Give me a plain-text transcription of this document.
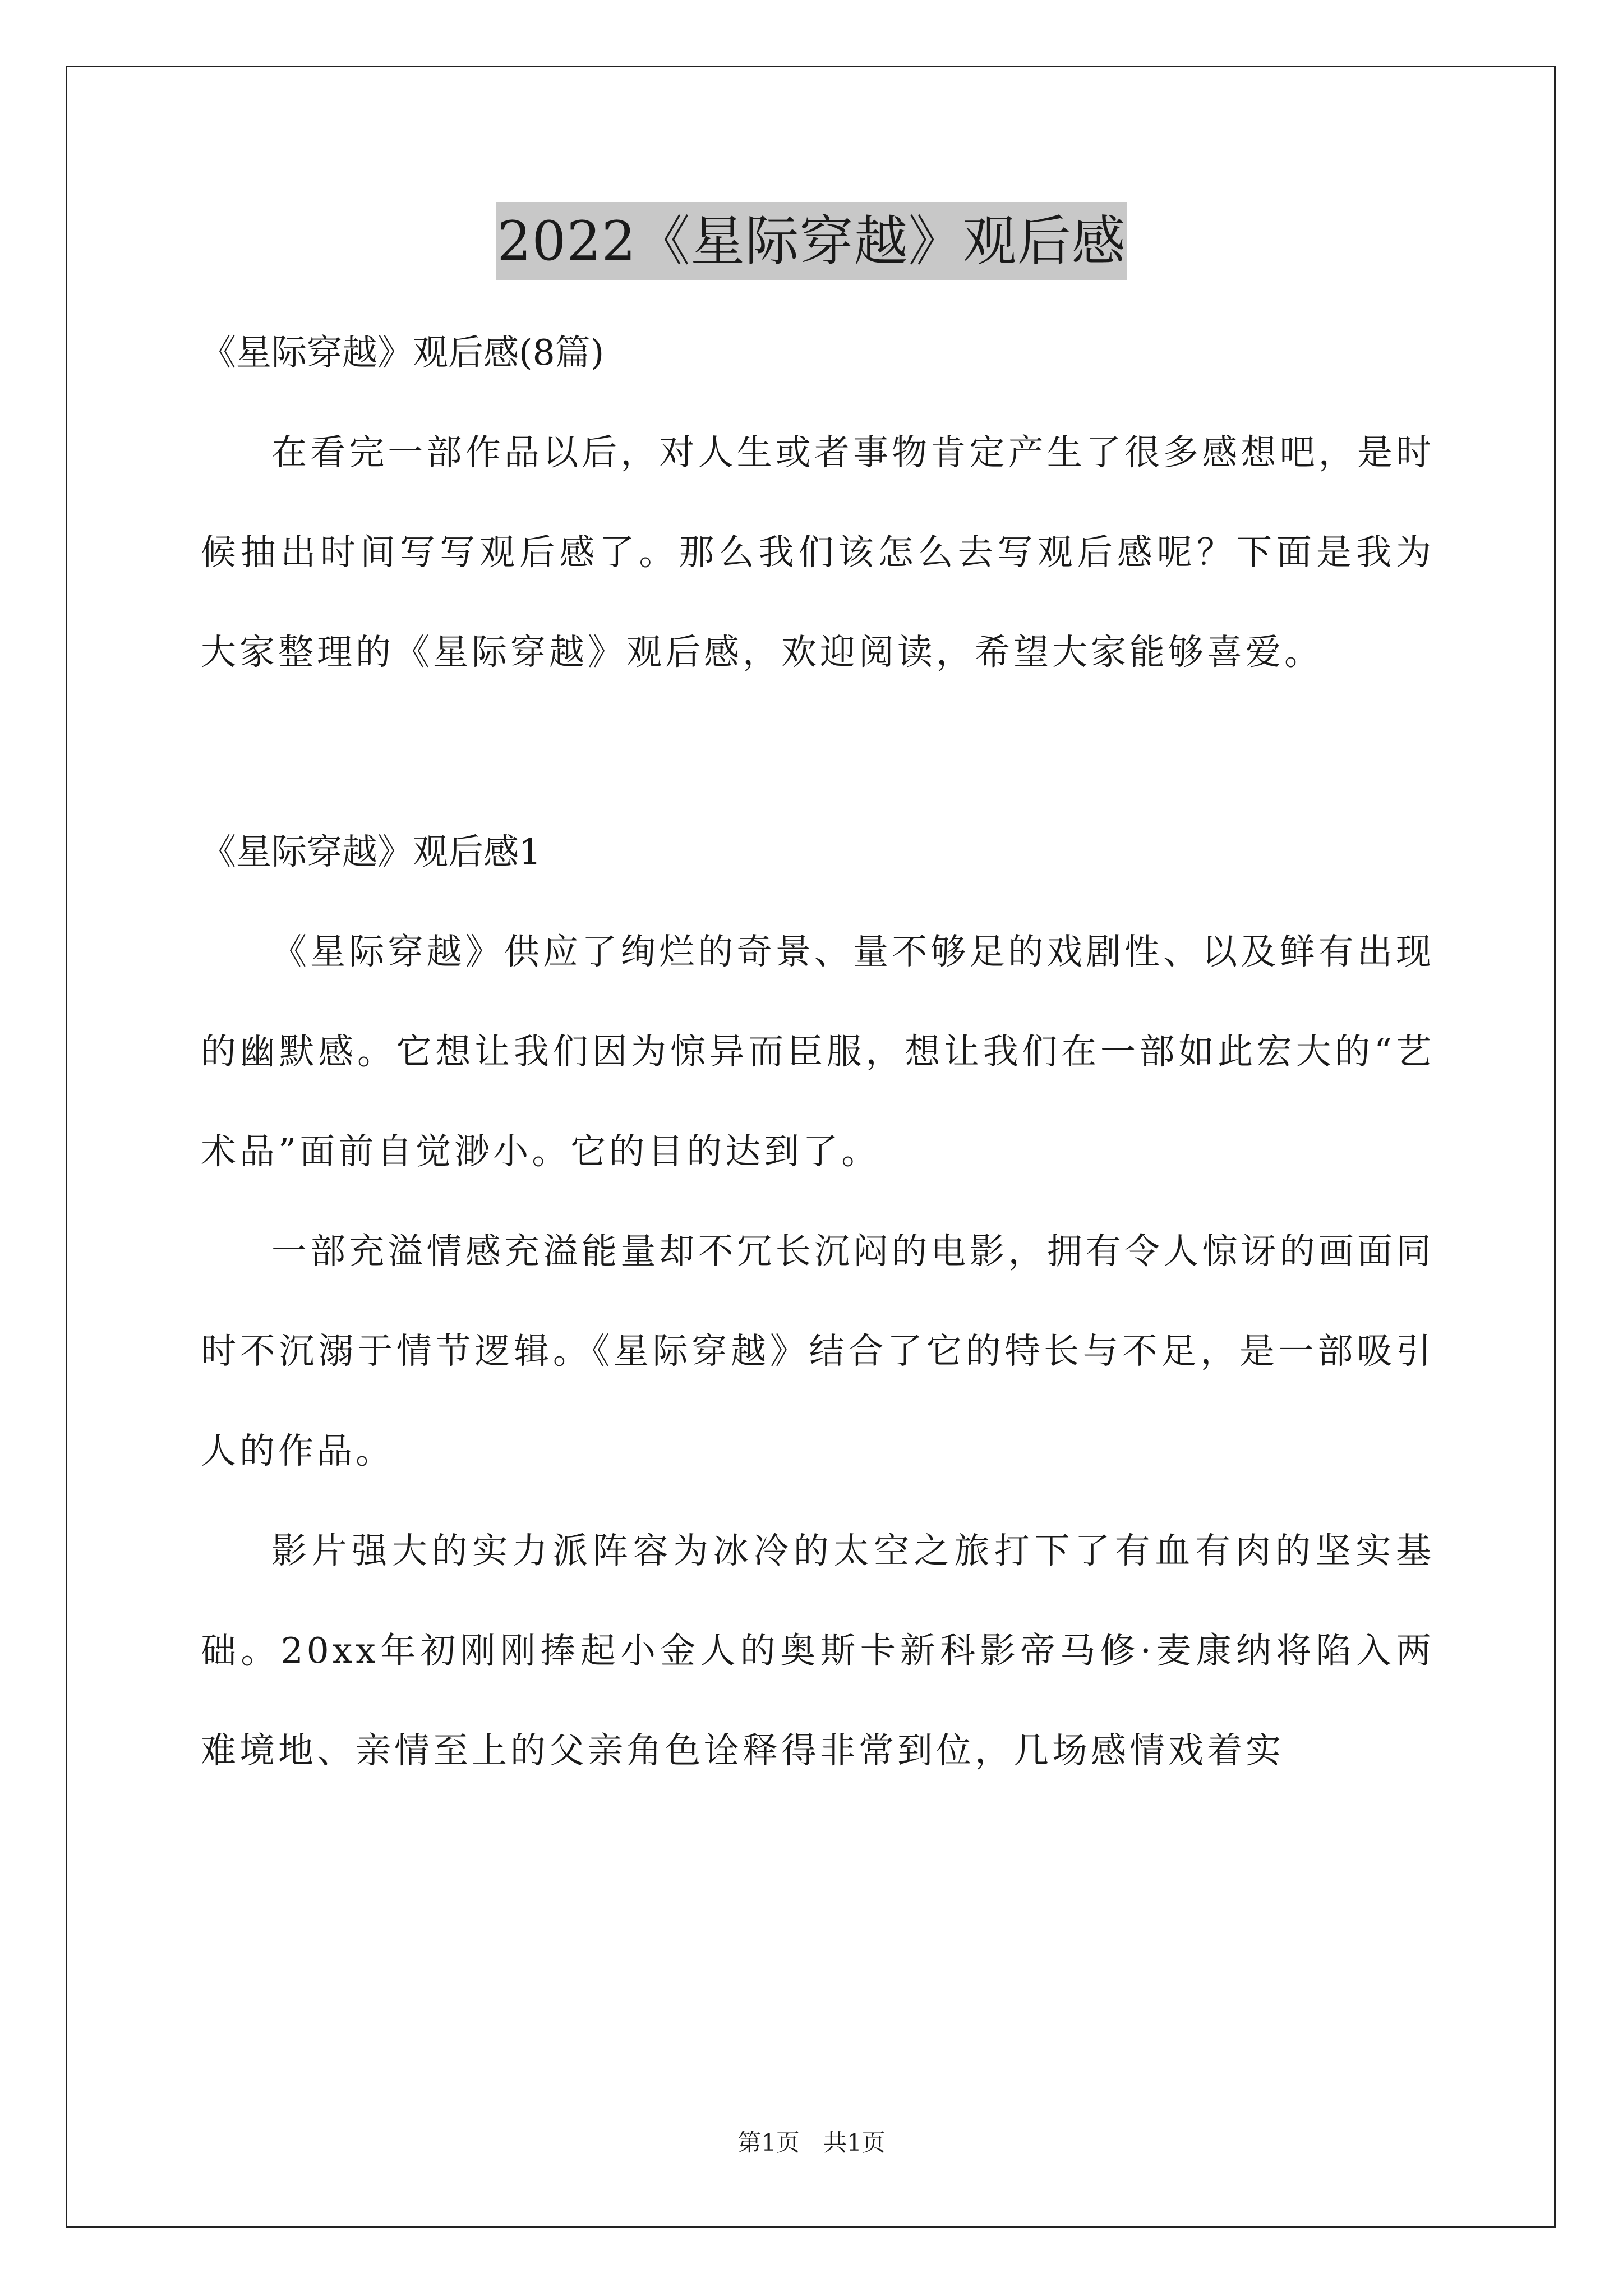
2022《星际穿越》观后感
《星际穿越》观后感(8篇)
在看完一部作品以后，对人生或者事物肯定产生了很多感想吧，是时候抽出时间写写观后感了。那么我们该怎么去写观后感呢？下面是我为大家整理的《星际穿越》观后感，欢迎阅读，希望大家能够喜爱。
《星际穿越》观后感1
《星际穿越》供应了绚烂的奇景、量不够足的戏剧性、以及鲜有出现的幽默感。它想让我们因为惊异而臣服，想让我们在一部如此宏大的“艺术品”面前自觉渺小。它的目的达到了。
一部充溢情感充溢能量却不冗长沉闷的电影，拥有令人惊讶的画面同时不沉溺于情节逻辑。《星际穿越》结合了它的特长与不足，是一部吸引人的作品。
影片强大的实力派阵容为冰冷的太空之旅打下了有血有肉的坚实基础。20xx年初刚刚捧起小金人的奥斯卡新科影帝马修·麦康纳将陷入两难境地、亲情至上的父亲角色诠释得非常到位，几场感情戏着实
第1页　共1页
